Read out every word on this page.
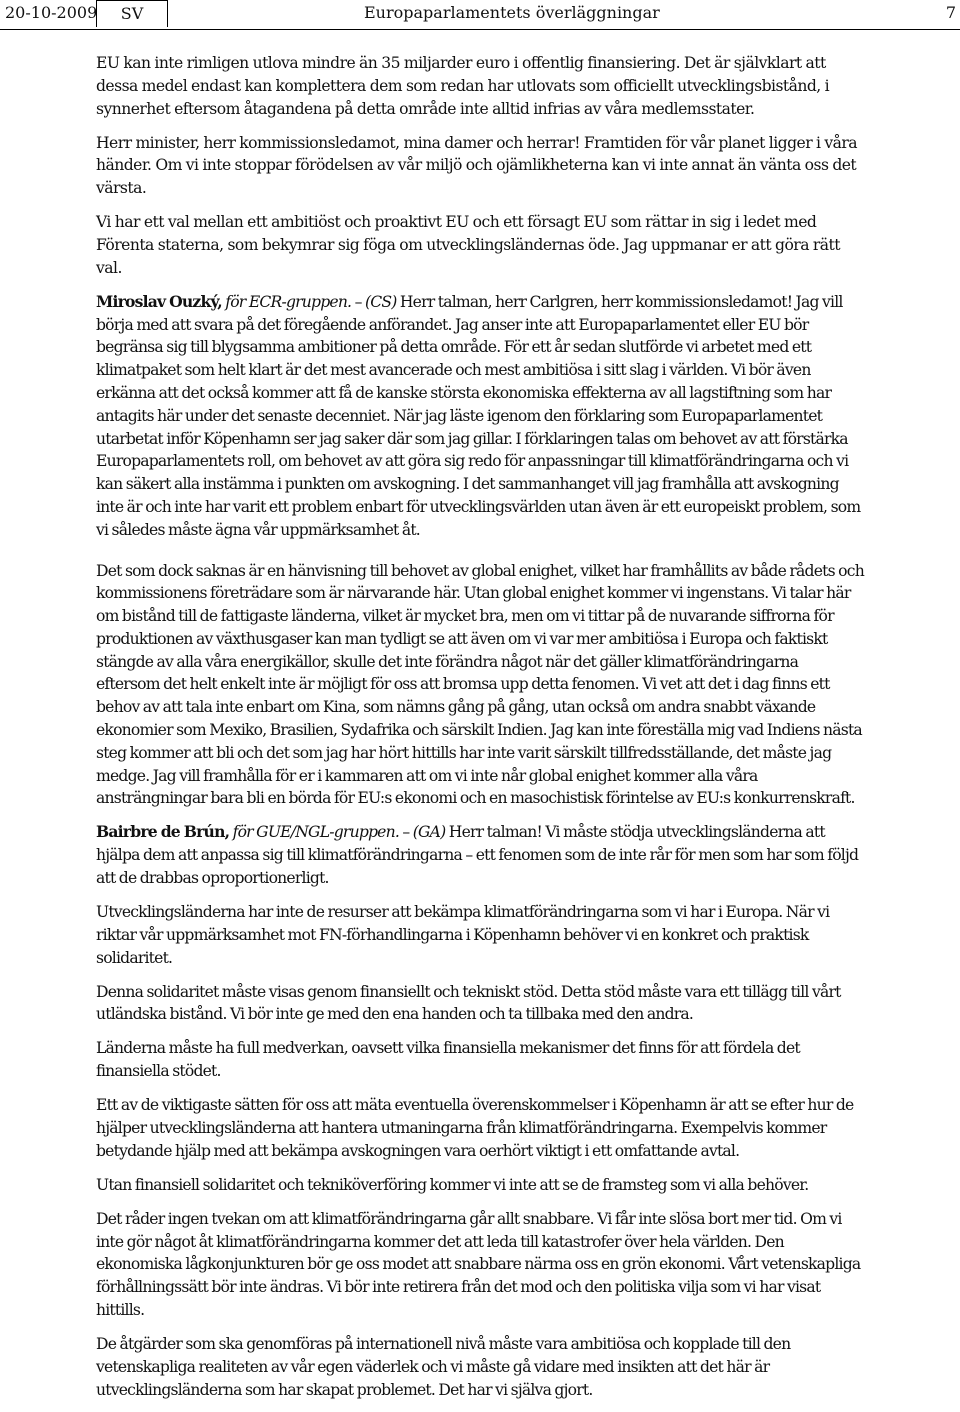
20-10-2009	SV	Europaparlamentets överläggningar	7

EU kan inte rimligen utlova mindre än 35 miljarder euro i offentlig finansiering. Det är självklart att dessa medel endast kan komplettera dem som redan har utlovats som officiellt utvecklingsbistånd, i synnerhet eftersom åtagandena på detta område inte alltid infrias av våra medlemsstater.

Herr minister, herr kommissionsledamot, mina damer och herrar! Framtiden för vår planet ligger i våra händer. Om vi inte stoppar förödelsen av vår miljö och ojämlikheterna kan vi inte annat än vänta oss det värsta.

Vi har ett val mellan ett ambitiöst och proaktivt EU och ett försagt EU som rättar in sig i ledet med Förenta staterna, som bekymrar sig föga om utvecklingsländernas öde. Jag uppmanar er att göra rätt val.

Miroslav Ouzký, för ECR-gruppen. – (CS) Herr talman, herr Carlgren, herr kommissionsledamot! Jag vill börja med att svara på det föregående anförandet. Jag anser inte att Europaparlamentet eller EU bör begränsa sig till blygsamma ambitioner på detta område. För ett år sedan slutförde vi arbetet med ett klimatpaket som helt klart är det mest avancerade och mest ambitiösa i sitt slag i världen. Vi bör även erkänna att det också kommer att få de kanske största ekonomiska effekterna av all lagstiftning som har antagits här under det senaste decenniet. När jag läste igenom den förklaring som Europaparlamentet utarbetat inför Köpenhamn ser jag saker där som jag gillar. I förklaringen talas om behovet av att förstärka Europaparlamentets roll, om behovet av att göra sig redo för anpassningar till klimatförändringarna och vi kan säkert alla instämma i punkten om avskogning. I det sammanhanget vill jag framhålla att avskogning inte är och inte har varit ett problem enbart för utvecklingsvärlden utan även är ett europeiskt problem, som vi således måste ägna vår uppmärksamhet åt.

Det som dock saknas är en hänvisning till behovet av global enighet, vilket har framhållits av både rådets och kommissionens företrädare som är närvarande här. Utan global enighet kommer vi ingenstans. Vi talar här om bistånd till de fattigaste länderna, vilket är mycket bra, men om vi tittar på de nuvarande siffrorna för produktionen av växthusgaser kan man tydligt se att även om vi var mer ambitiösa i Europa och faktiskt stängde av alla våra energikällor, skulle det inte förändra något när det gäller klimatförändringarna eftersom det helt enkelt inte är möjligt för oss att bromsa upp detta fenomen. Vi vet att det i dag finns ett behov av att tala inte enbart om Kina, som nämns gång på gång, utan också om andra snabbt växande ekonomier som Mexiko, Brasilien, Sydafrika och särskilt Indien. Jag kan inte föreställa mig vad Indiens nästa steg kommer att bli och det som jag har hört hittills har inte varit särskilt tillfredsställande, det måste jag medge. Jag vill framhålla för er i kammaren att om vi inte når global enighet kommer alla våra ansträngningar bara bli en börda för EU:s ekonomi och en masochistisk förintelse av EU:s konkurrenskraft.

Bairbre de Brún, för GUE/NGL-gruppen. – (GA) Herr talman! Vi måste stödja utvecklingsländerna att hjälpa dem att anpassa sig till klimatförändringarna – ett fenomen som de inte rår för men som har som följd att de drabbas oproportionerligt.

Utvecklingsländerna har inte de resurser att bekämpa klimatförändringarna som vi har i Europa. När vi riktar vår uppmärksamhet mot FN-förhandlingarna i Köpenhamn behöver vi en konkret och praktisk solidaritet.

Denna solidaritet måste visas genom finansiellt och tekniskt stöd. Detta stöd måste vara ett tillägg till vårt utländska bistånd. Vi bör inte ge med den ena handen och ta tillbaka med den andra.

Länderna måste ha full medverkan, oavsett vilka finansiella mekanismer det finns för att fördela det finansiella stödet.

Ett av de viktigaste sätten för oss att mäta eventuella överenskommelser i Köpenhamn är att se efter hur de hjälper utvecklingsländerna att hantera utmaningarna från klimatförändringarna. Exempelvis kommer betydande hjälp med att bekämpa avskogningen vara oerhört viktigt i ett omfattande avtal.

Utan finansiell solidaritet och tekniköverföring kommer vi inte att se de framsteg som vi alla behöver.

Det råder ingen tvekan om att klimatförändringarna går allt snabbare. Vi får inte slösa bort mer tid. Om vi inte gör något åt klimatförändringarna kommer det att leda till katastrofer över hela världen. Den ekonomiska lågkonjunkturen bör ge oss modet att snabbare närma oss en grön ekonomi. Vårt vetenskapliga förhållningssätt bör inte ändras. Vi bör inte retirera från det mod och den politiska vilja som vi har visat hittills.

De åtgärder som ska genomföras på internationell nivå måste vara ambitiösa och kopplade till den vetenskapliga realiteten av vår egen väderlek och vi måste gå vidare med insikten att det här är utvecklingsländerna som har skapat problemet. Det har vi själva gjort.
